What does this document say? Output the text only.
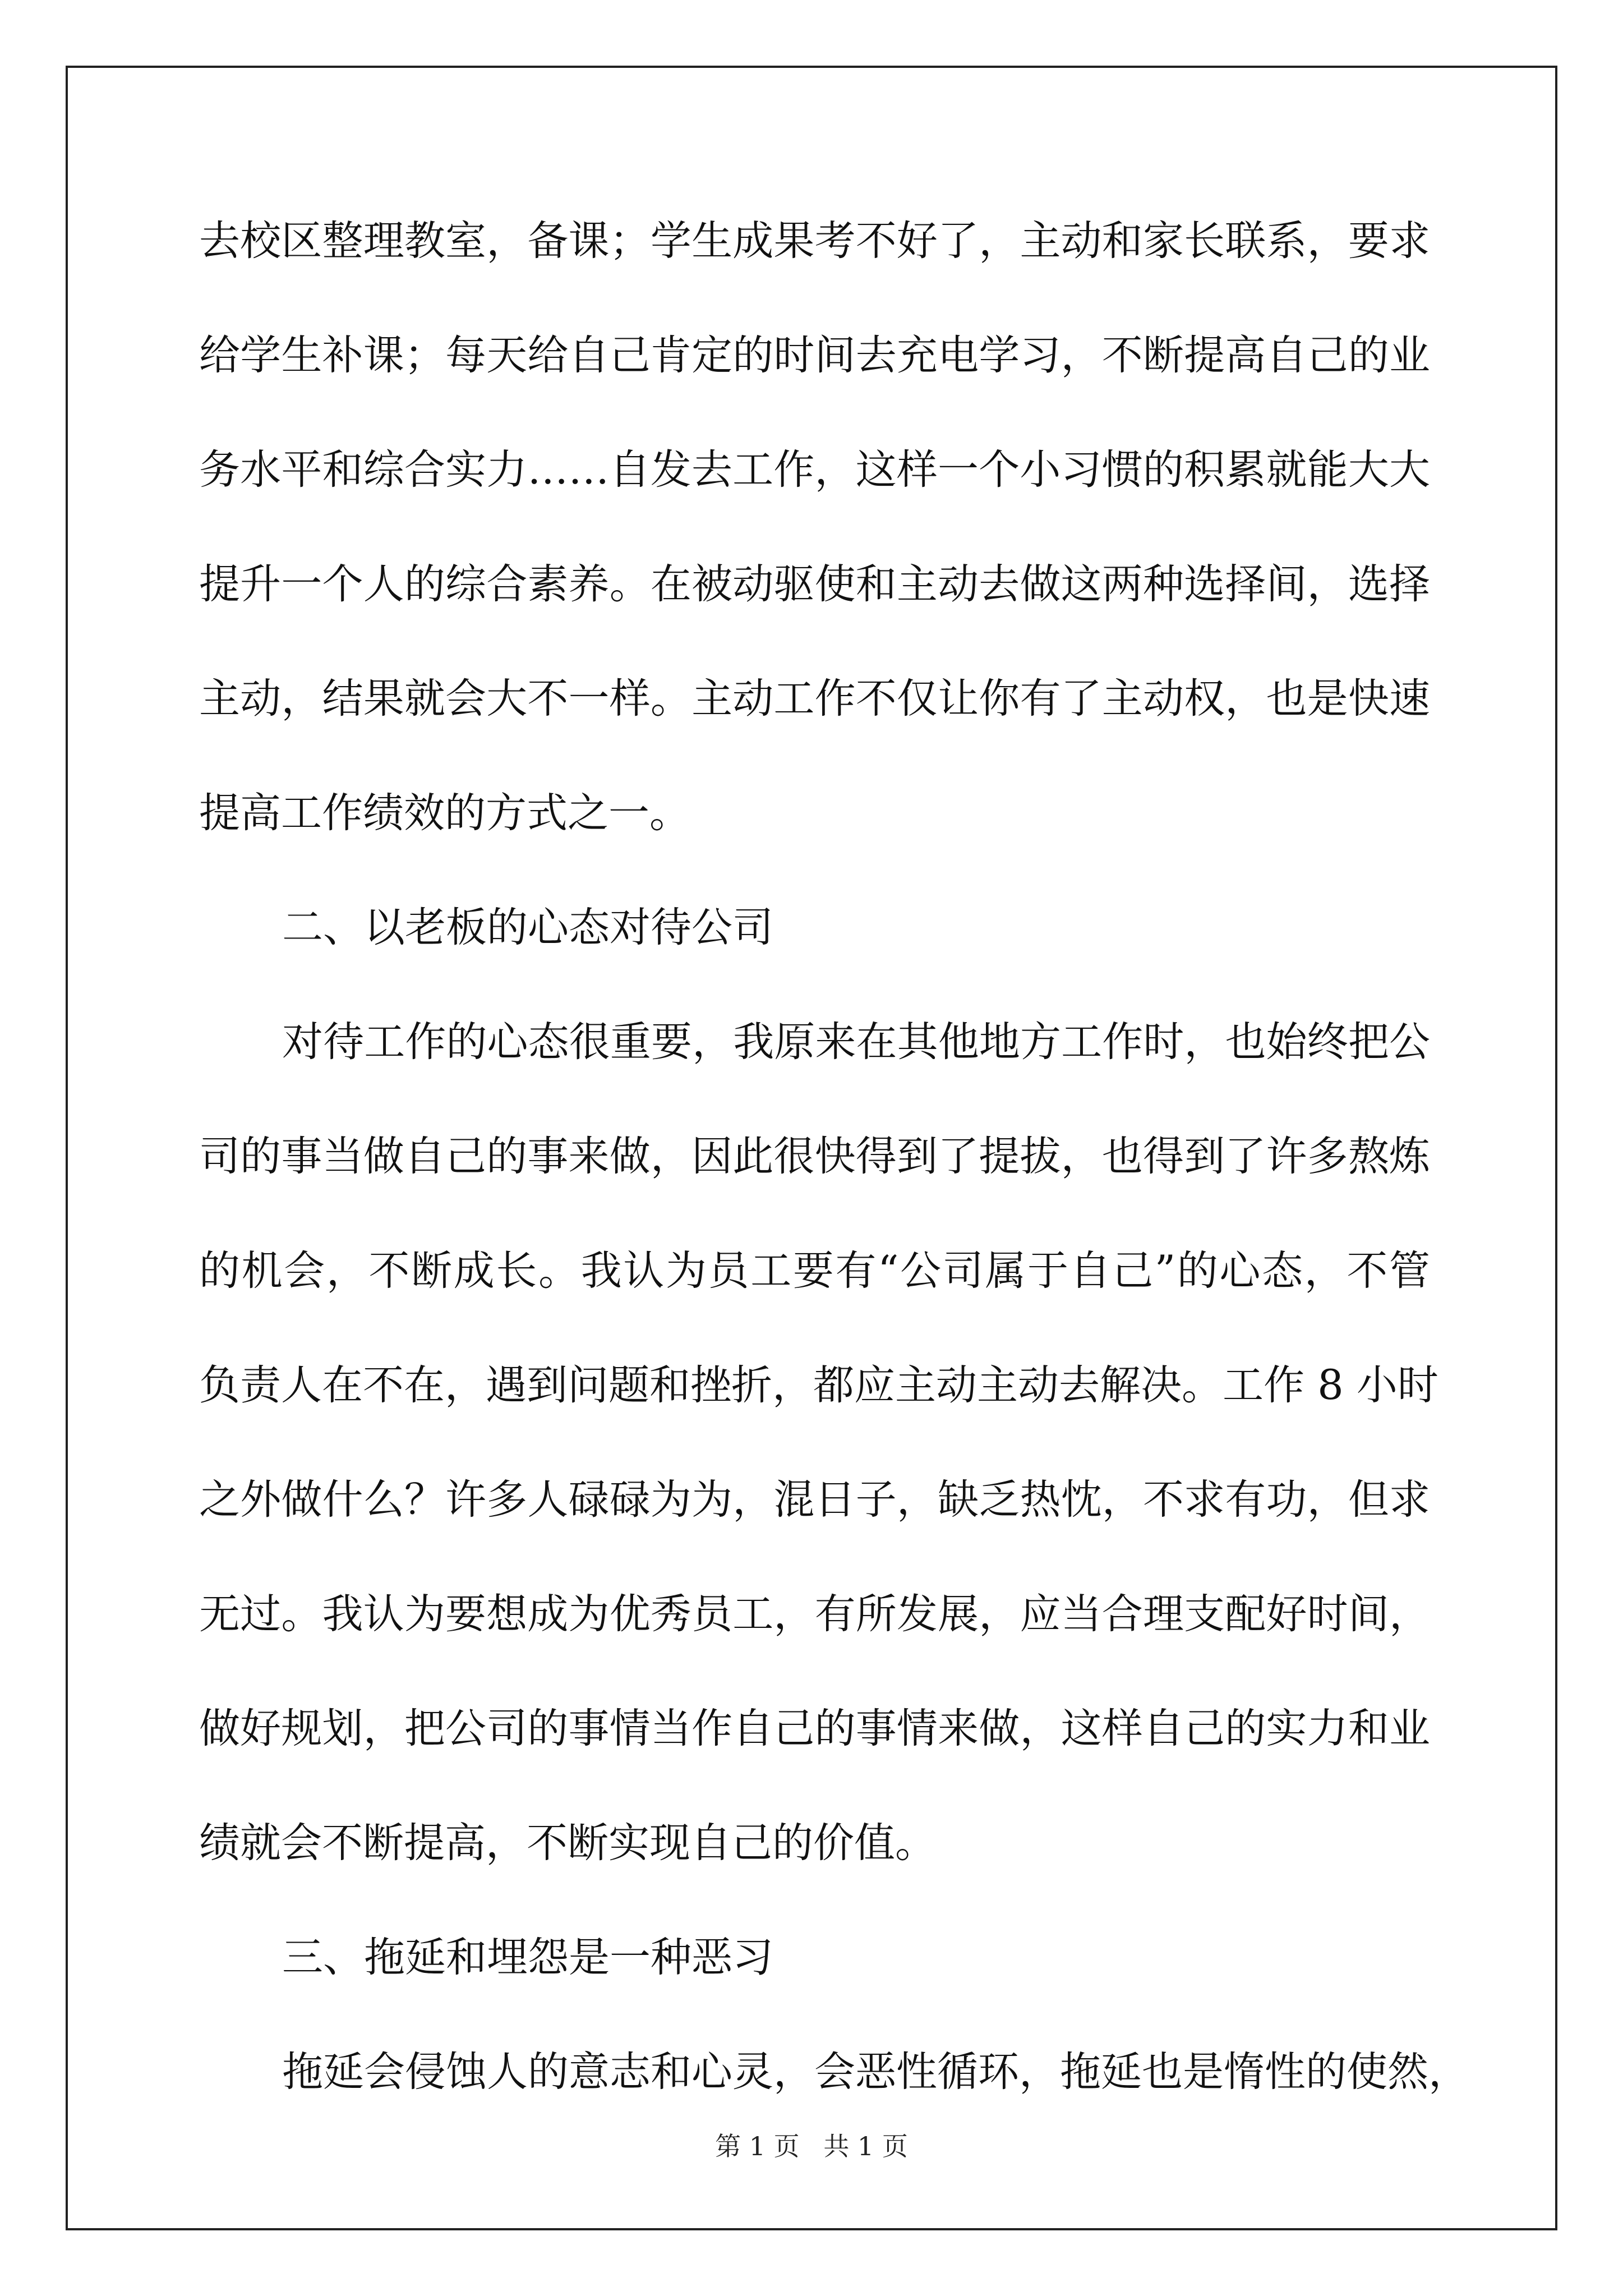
去校区整理教室，备课；学生成果考不好了，主动和家长联系，要求
给学生补课；每天给自己肯定的时间去充电学习，不断提高自己的业
务水平和综合实力……自发去工作，这样一个小习惯的积累就能大大
提升一个人的综合素养。在被动驱使和主动去做这两种选择间，选择
主动，结果就会大不一样。主动工作不仅让你有了主动权，也是快速
提高工作绩效的方式之一。
二、以老板的心态对待公司
对待工作的心态很重要，我原来在其他地方工作时，也始终把公
司的事当做自己的事来做，因此很快得到了提拔，也得到了许多熬炼
的机会，不断成长。我认为员工要有“公司属于自己”的心态，不管
负责人在不在，遇到问题和挫折，都应主动主动去解决。工作 8 小时
之外做什么？许多人碌碌为为，混日子，缺乏热忱，不求有功，但求
无过。我认为要想成为优秀员工，有所发展，应当合理支配好时间，
做好规划，把公司的事情当作自己的事情来做，这样自己的实力和业
绩就会不断提高，不断实现自己的价值。
三、拖延和埋怨是一种恶习
拖延会侵蚀人的意志和心灵，会恶性循环，拖延也是惰性的使然，
第 1 页 共 1 页
